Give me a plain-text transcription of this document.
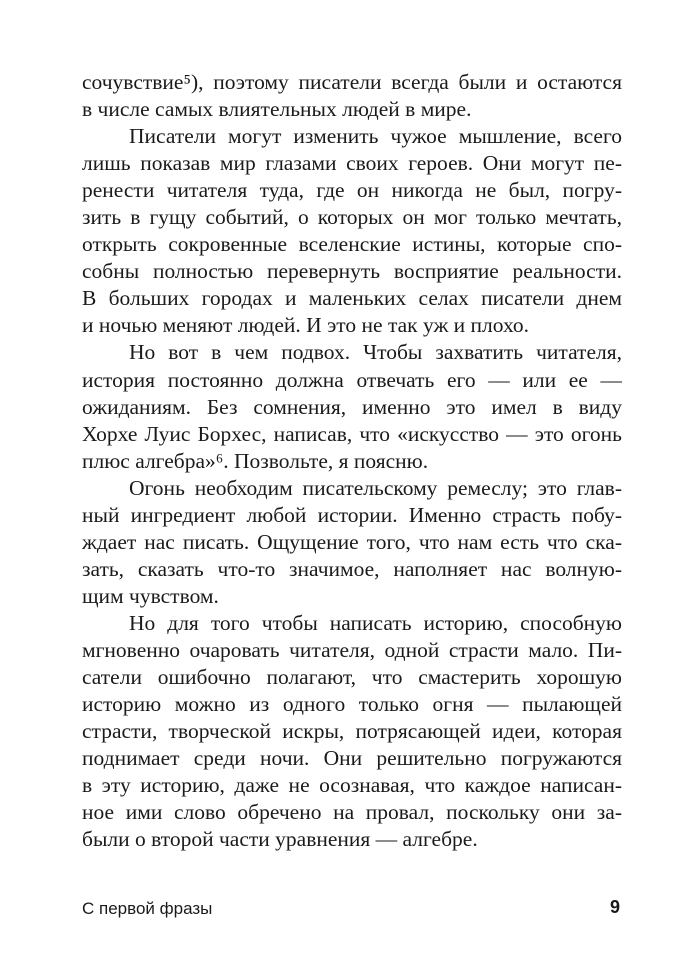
сочувствие⁵), поэтому писатели всегда были и остаются
в числе самых влиятельных людей в мире.
Писатели могут изменить чужое мышление, всего
лишь показав мир глазами своих героев. Они могут пе-
ренести читателя туда, где он никогда не был, погру-
зить в гущу событий, о которых он мог только мечтать,
открыть сокровенные вселенские истины, которые спо-
собны полностью перевернуть восприятие реальности.
В больших городах и маленьких селах писатели днем
и ночью меняют людей. И это не так уж и плохо.
Но вот в чем подвох. Чтобы захватить читателя,
история постоянно должна отвечать его — или ее —
ожиданиям. Без сомнения, именно это имел в виду
Хорхе Луис Борхес, написав, что «искусство — это огонь
плюс алгебра»⁶. Позвольте, я поясню.
Огонь необходим писательскому ремеслу; это глав-
ный ингредиент любой истории. Именно страсть побу-
ждает нас писать. Ощущение того, что нам есть что ска-
зать, сказать что-то значимое, наполняет нас волную-
щим чувством.
Но для того чтобы написать историю, способную
мгновенно очаровать читателя, одной страсти мало. Пи-
сатели ошибочно полагают, что смастерить хорошую
историю можно из одного только огня — пылающей
страсти, творческой искры, потрясающей идеи, которая
поднимает среди ночи. Они решительно погружаются
в эту историю, даже не осознавая, что каждое написан-
ное ими слово обречено на провал, поскольку они за-
были о второй части уравнения — алгебре.
С первой фразы	9
